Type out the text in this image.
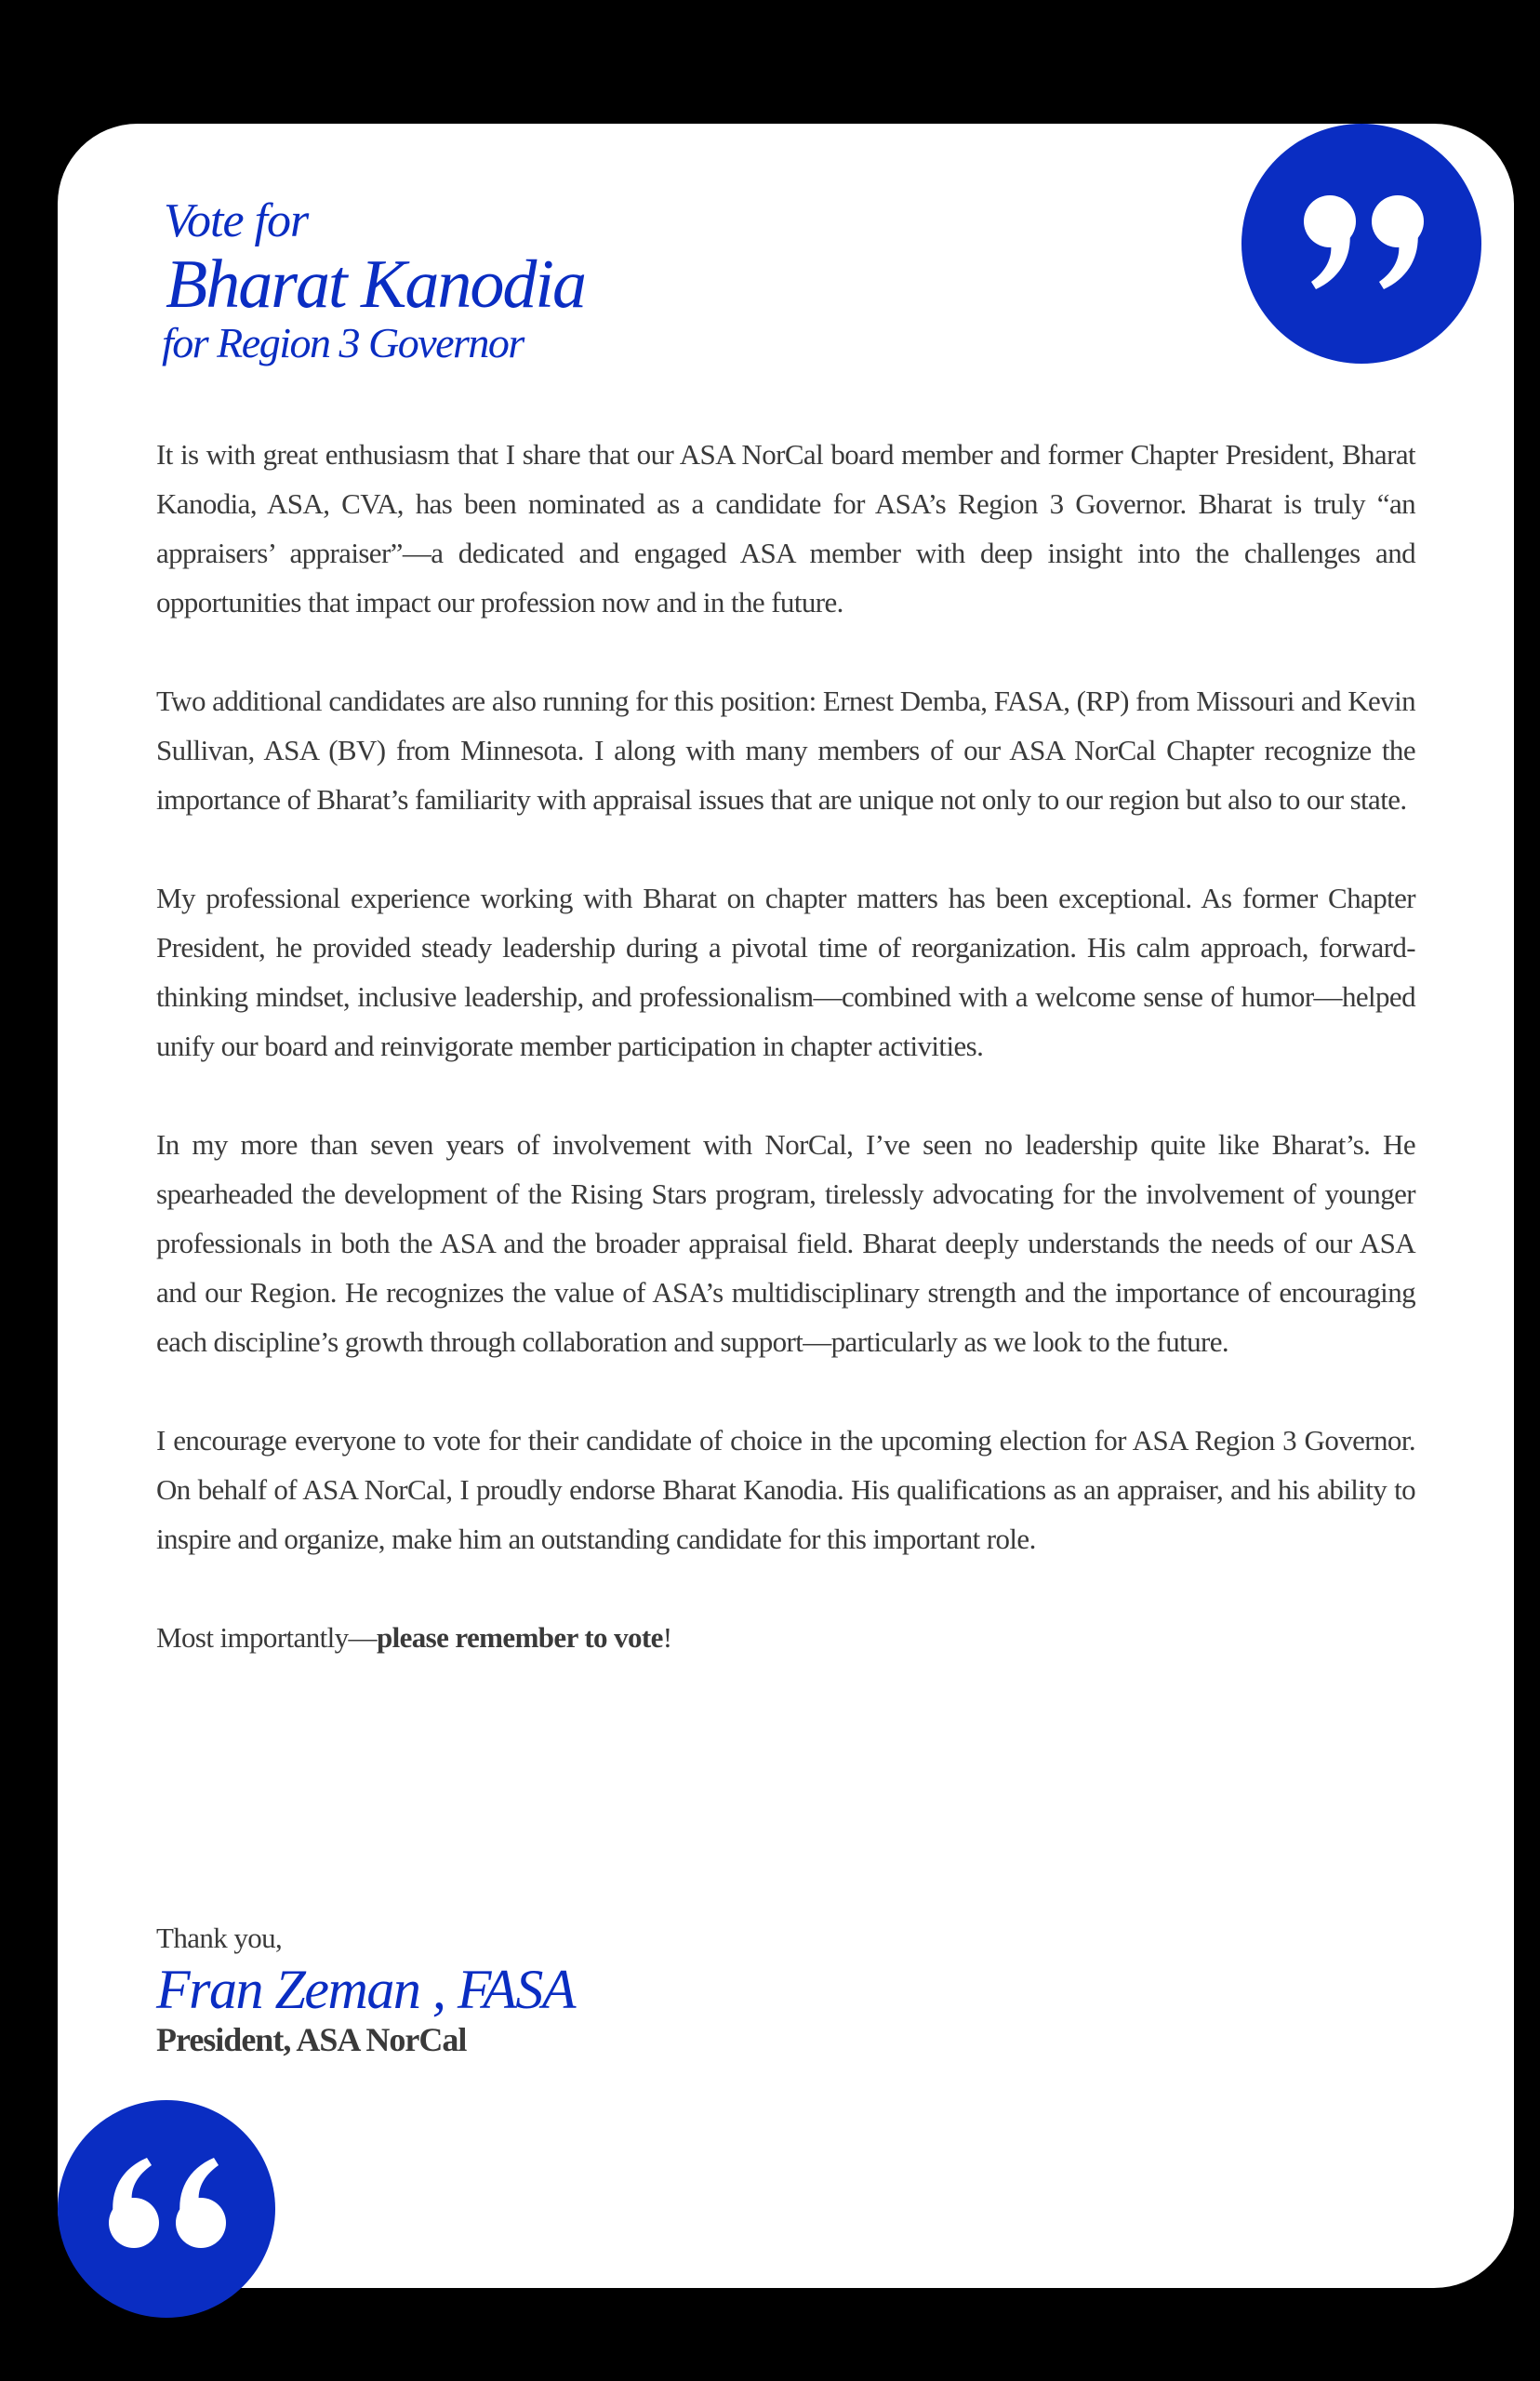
Vote for
Bharat Kanodia
for Region 3 Governor

It is with great enthusiasm that I share that our ASA NorCal board member and former Chapter President, Bharat Kanodia, ASA, CVA, has been nominated as a candidate for ASA’s Region 3 Governor. Bharat is truly “an appraisers’ appraiser”—a dedicated and engaged ASA member with deep insight into the challenges and opportunities that impact our profession now and in the future.

Two additional candidates are also running for this position: Ernest Demba, FASA, (RP) from Missouri and Kevin Sullivan, ASA (BV) from Minnesota. I along with many members of our ASA NorCal Chapter recognize the importance of Bharat’s familiarity with appraisal issues that are unique not only to our region but also to our state.

My professional experience working with Bharat on chapter matters has been exceptional. As former Chapter President, he provided steady leadership during a pivotal time of reorganization. His calm approach, forward-thinking mindset, inclusive leadership, and professionalism—combined with a welcome sense of humor—helped unify our board and reinvigorate member participation in chapter activities.

In my more than seven years of involvement with NorCal, I’ve seen no leadership quite like Bharat’s. He spearheaded the development of the Rising Stars program, tirelessly advocating for the involvement of younger professionals in both the ASA and the broader appraisal field. Bharat deeply understands the needs of our ASA and our Region. He recognizes the value of ASA’s multidisciplinary strength and the importance of encouraging each discipline’s growth through collaboration and support—particularly as we look to the future.

I encourage everyone to vote for their candidate of choice in the upcoming election for ASA Region 3 Governor. On behalf of ASA NorCal, I proudly endorse Bharat Kanodia. His qualifications as an appraiser, and his ability to inspire and organize, make him an outstanding candidate for this important role.

Most importantly—please remember to vote!

Thank you,
Fran Zeman , FASA
President, ASA NorCal
